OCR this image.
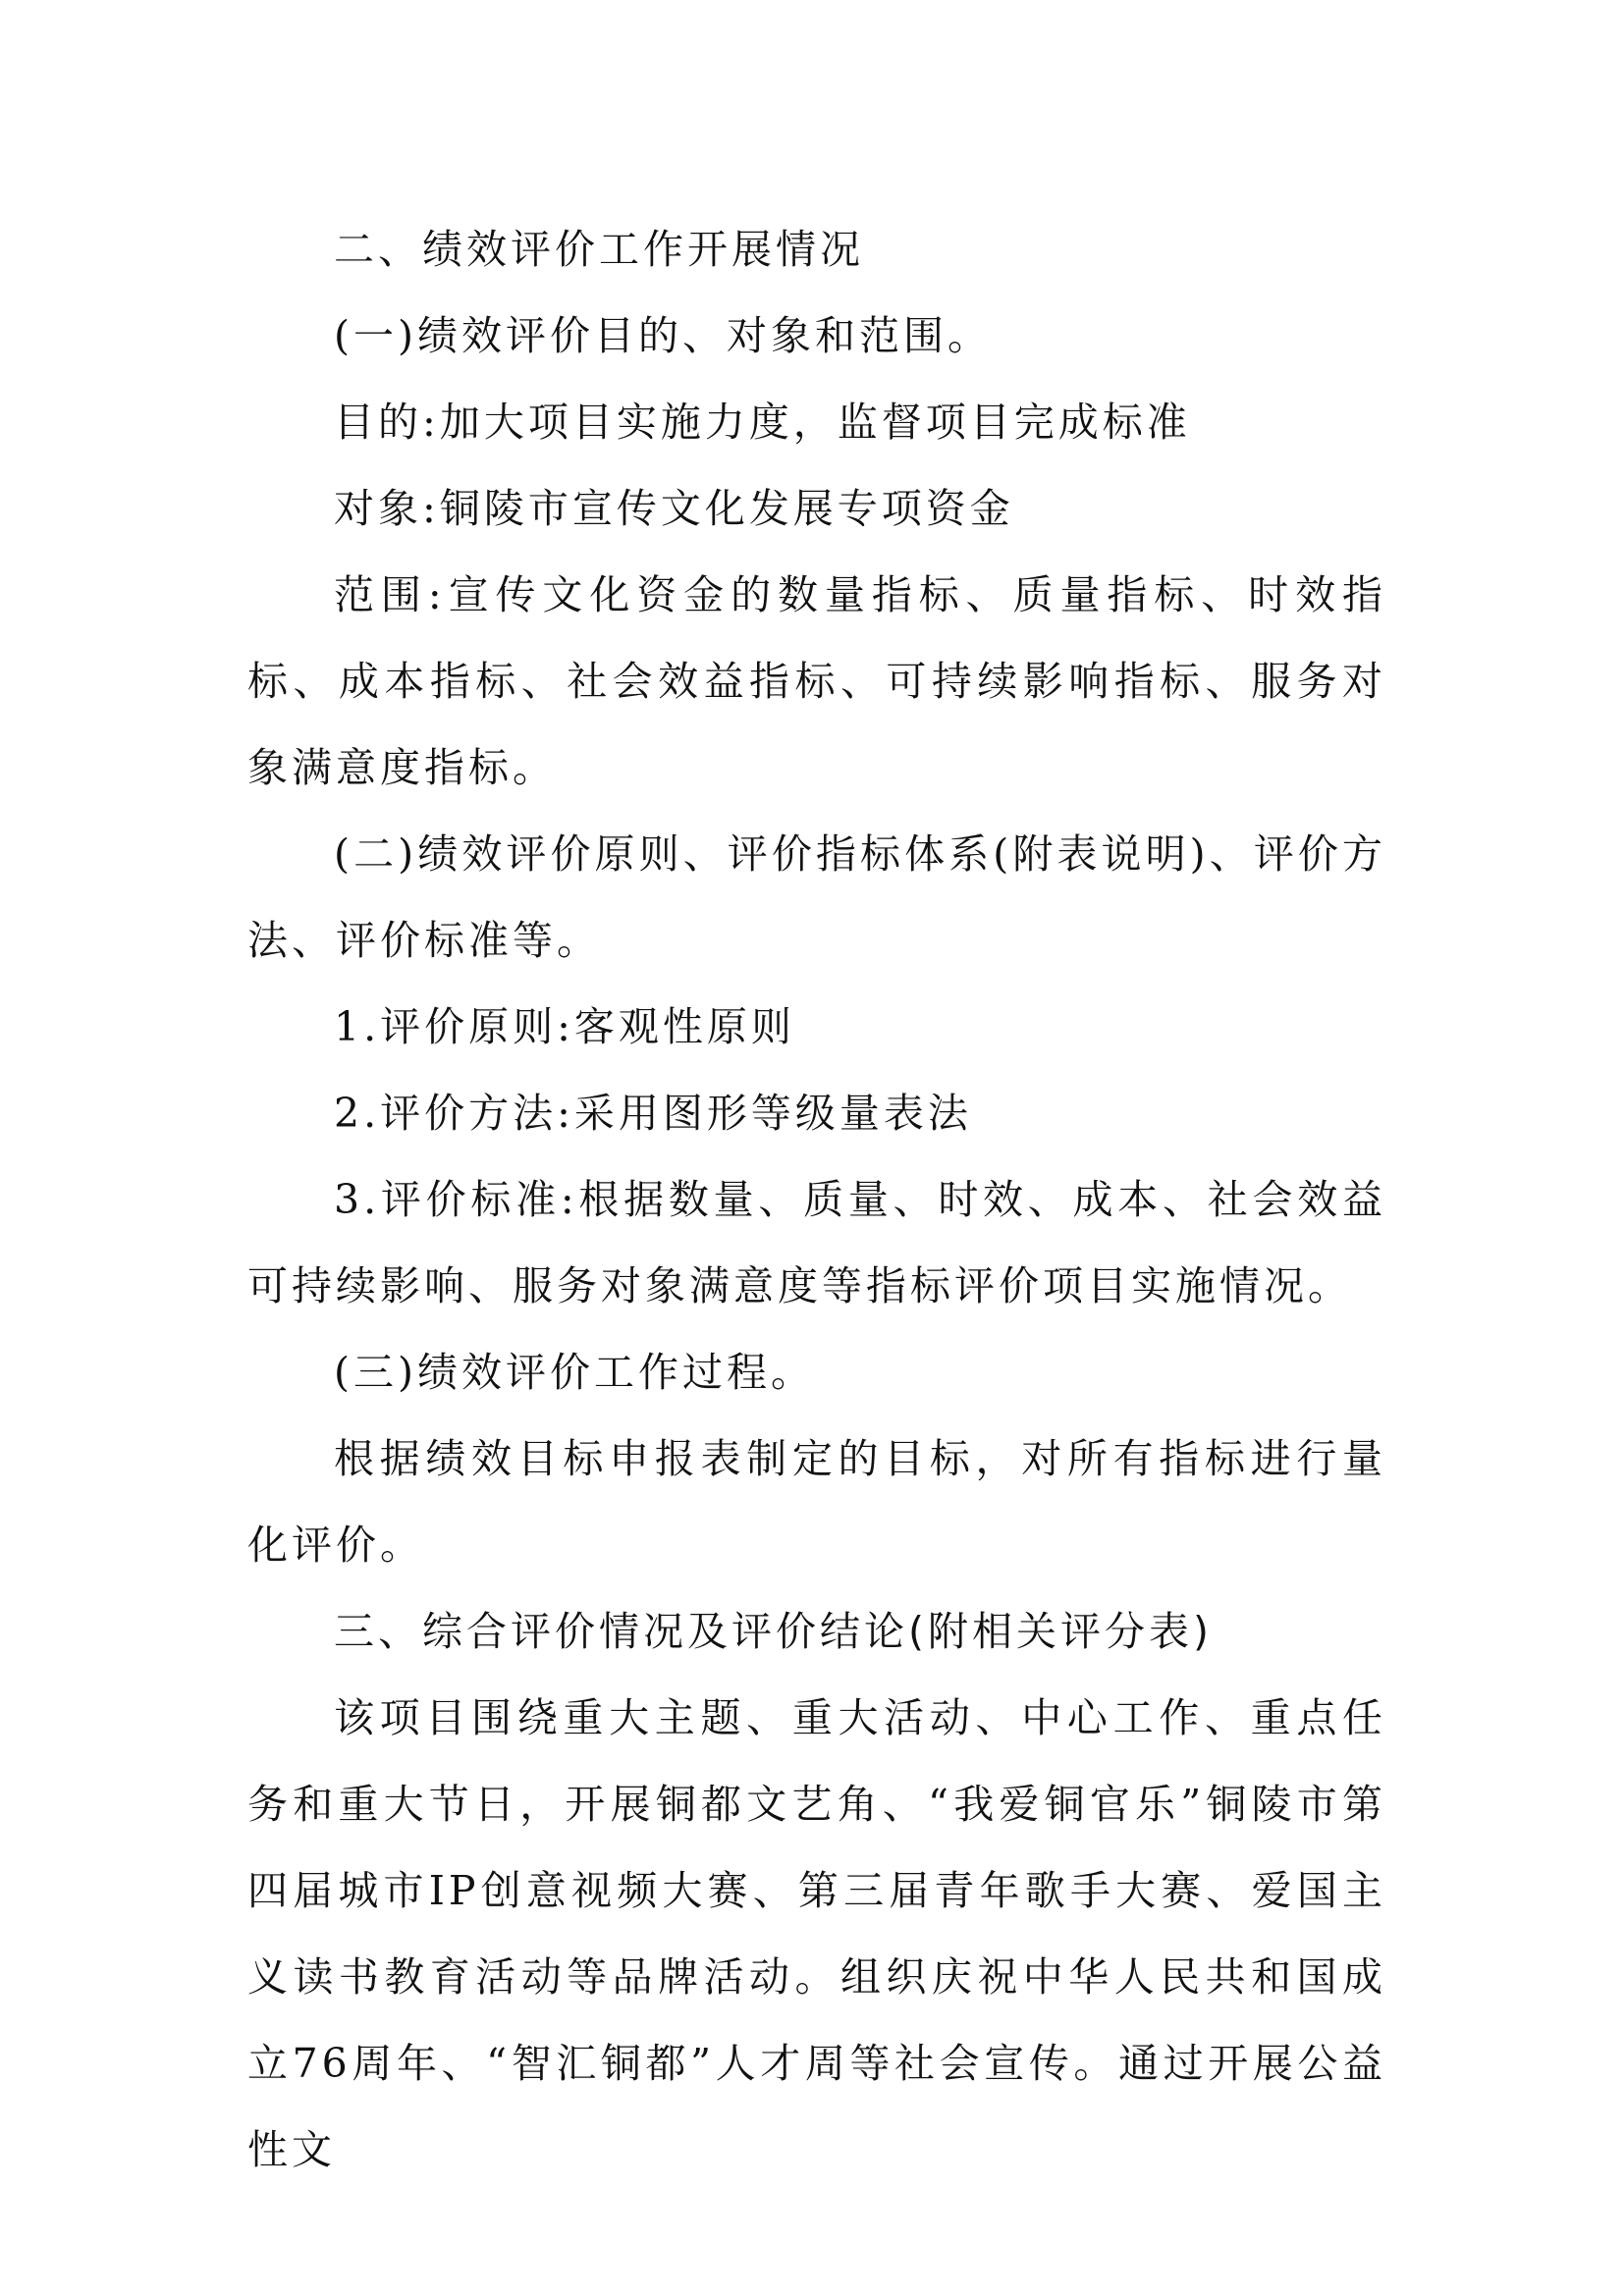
二、绩效评价工作开展情况

(一)绩效评价目的、对象和范围。

目的:加大项目实施力度，监督项目完成标准

对象:铜陵市宣传文化发展专项资金

范围:宣传文化资金的数量指标、质量指标、时效指标、成本指标、社会效益指标、可持续影响指标、服务对象满意度指标。

(二)绩效评价原则、评价指标体系(附表说明)、评价方法、评价标准等。

1.评价原则:客观性原则

2.评价方法:采用图形等级量表法

3.评价标准:根据数量、质量、时效、成本、社会效益可持续影响、服务对象满意度等指标评价项目实施情况。

(三)绩效评价工作过程。

根据绩效目标申报表制定的目标，对所有指标进行量化评价。

三、综合评价情况及评价结论(附相关评分表)

该项目围绕重大主题、重大活动、中心工作、重点任务和重大节日，开展铜都文艺角、“我爱铜官乐”铜陵市第四届城市IP创意视频大赛、第三届青年歌手大赛、爱国主义读书教育活动等品牌活动。组织庆祝中华人民共和国成立76周年、“智汇铜都”人才周等社会宣传。通过开展公益性文
